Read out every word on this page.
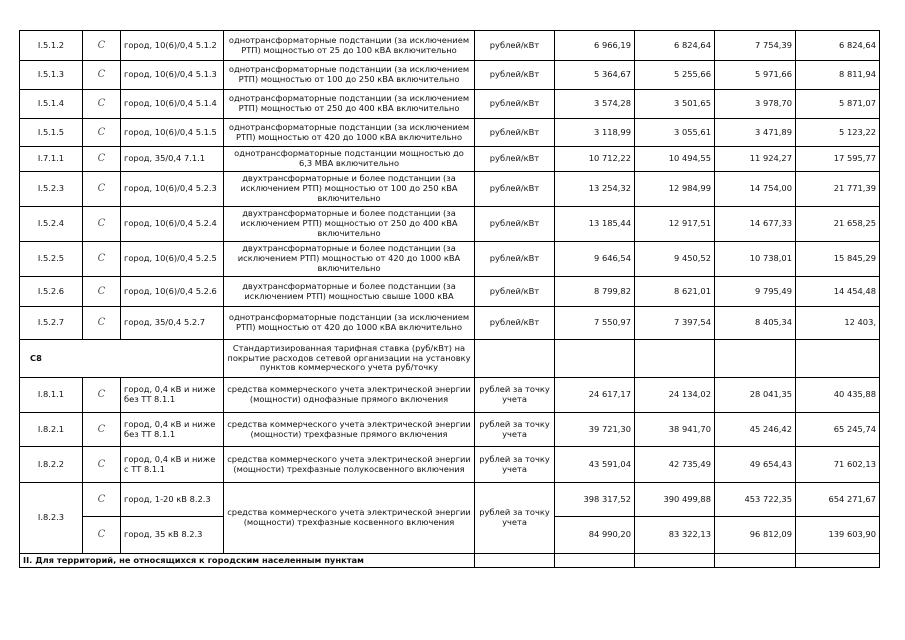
I.5.1.2	C	город, 10(6)/0,4 5.1.2	однотрансформаторные подстанции (за исключением РТП) мощностью от 25 до 100 кВА включительно	рублей/кВт	6 966,19	6 824,64	7 754,39	6 824,64
I.5.1.3	C	город, 10(6)/0,4 5.1.3	однотрансформаторные подстанции (за исключением РТП) мощностью от 100 до 250 кВА включительно	рублей/кВт	5 364,67	5 255,66	5 971,66	8 811,94
I.5.1.4	C	город, 10(6)/0,4 5.1.4	однотрансформаторные подстанции (за исключением РТП) мощностью от 250 до 400 кВА включительно	рублей/кВт	3 574,28	3 501,65	3 978,70	5 871,07
I.5.1.5	C	город, 10(6)/0,4 5.1.5	однотрансформаторные подстанции (за исключением РТП) мощностью от 420 до 1000 кВА включительно	рублей/кВт	3 118,99	3 055,61	3 471,89	5 123,22
I.7.1.1	C	город, 35/0,4 7.1.1	однотрансформаторные подстанции мощностью до 6,3 МВА включительно	рублей/кВт	10 712,22	10 494,55	11 924,27	17 595,77
I.5.2.3	C	город, 10(6)/0,4 5.2.3	двухтрансформаторные и более подстанции (за исключением РТП) мощностью от 100 до 250 кВА включительно	рублей/кВт	13 254,32	12 984,99	14 754,00	21 771,39
I.5.2.4	C	город, 10(6)/0,4 5.2.4	двухтрансформаторные и более подстанции (за исключением РТП) мощностью от 250 до 400 кВА включительно	рублей/кВт	13 185,44	12 917,51	14 677,33	21 658,25
I.5.2.5	C	город, 10(6)/0,4 5.2.5	двухтрансформаторные и более подстанции (за исключением РТП) мощностью от 420 до 1000 кВА включительно	рублей/кВт	9 646,54	9 450,52	10 738,01	15 845,29
I.5.2.6	C	город, 10(6)/0,4 5.2.6	двухтрансформаторные и более подстанции (за исключением РТП) мощностью свыше 1000 кВА	рублей/кВт	8 799,82	8 621,01	9 795,49	14 454,48
I.5.2.7	C	город, 35/0,4 5.2.7	однотрансформаторные подстанции (за исключением РТП) мощностью от 420 до 1000 кВА включительно	рублей/кВт	7 550,97	7 397,54	8 405,34	12 403,
C8			Стандартизированная тарифная ставка (руб/кВт) на покрытие расходов сетевой организации на установку пунктов коммерческого учета руб/точку					
I.8.1.1	C	город, 0,4 кВ и ниже без ТТ 8.1.1	средства коммерческого учета электрической энергии (мощности) однофазные прямого включения	рублей за точку учета	24 617,17	24 134,02	28 041,35	40 435,88
I.8.2.1	C	город, 0,4 кВ и ниже без ТТ 8.1.1	средства коммерческого учета электрической энергии (мощности) трехфазные прямого включения	рублей за точку учета	39 721,30	38 941,70	45 246,42	65 245,74
I.8.2.2	C	город, 0,4 кВ и ниже с ТТ 8.1.1	средства коммерческого учета электрической энергии (мощности) трехфазные полукосвенного включения	рублей за точку учета	43 591,04	42 735,49	49 654,43	71 602,13
I.8.2.3	C	город, 1-20 кВ 8.2.3	средства коммерческого учета электрической энергии (мощности) трехфазные косвенного включения	рублей за точку учета	398 317,52	390 499,88	453 722,35	654 271,67
	C	город, 35 кВ 8.2.3			84 990,20	83 322,13	96 812,09	139 603,90
II. Для территорий, не относящихся к городским населенным пунктам								
